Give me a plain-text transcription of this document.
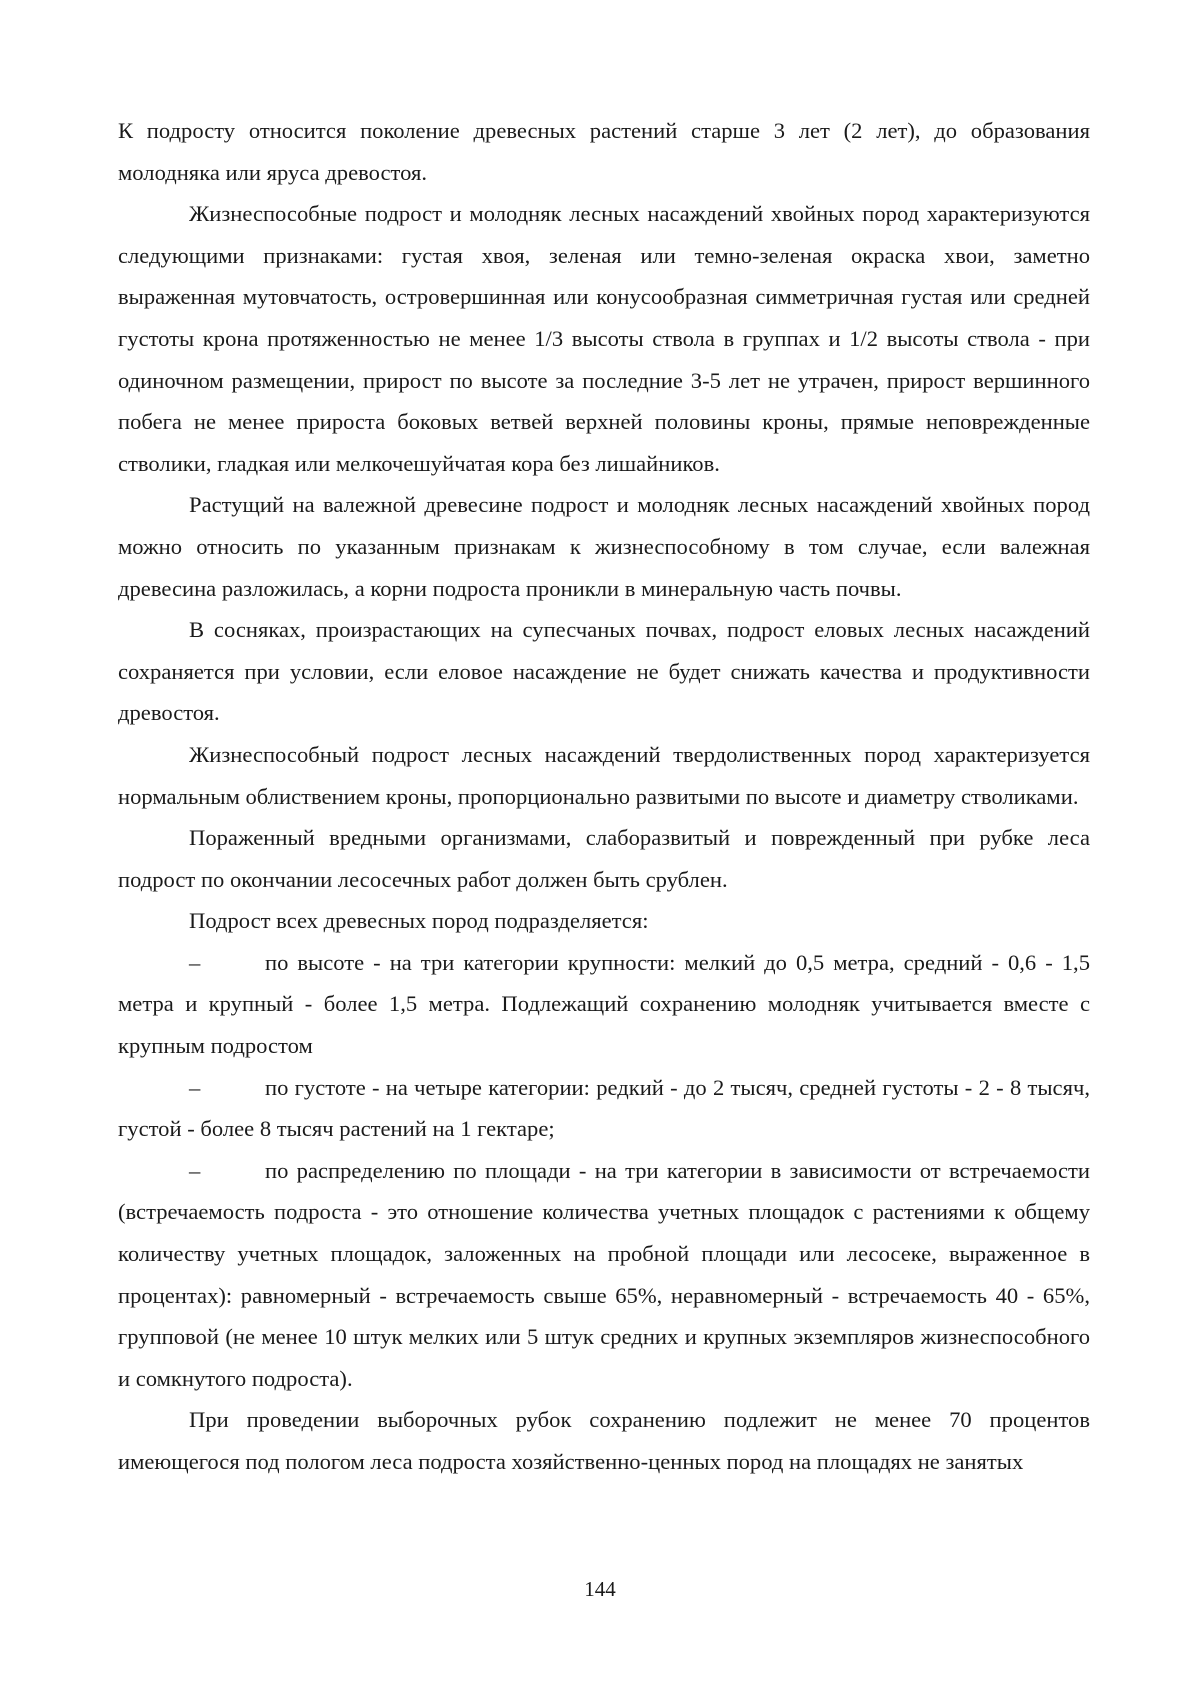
К подросту относится поколение древесных растений старше 3 лет (2 лет), до образования молодняка или яруса древостоя.

Жизнеспособные подрост и молодняк лесных насаждений хвойных пород характеризуются следующими признаками: густая хвоя, зеленая или темно-зеленая окраска хвои, заметно выраженная мутовчатость, островершинная или конусообразная симметричная густая или средней густоты крона протяженностью не менее 1/3 высоты ствола в группах и 1/2 высоты ствола - при одиночном размещении, прирост по высоте за последние 3-5 лет не утрачен, прирост вершинного побега не менее прироста боковых ветвей верхней половины кроны, прямые неповрежденные стволики, гладкая или мелкочешуйчатая кора без лишайников.

Растущий на валежной древесине подрост и молодняк лесных насаждений хвойных пород можно относить по указанным признакам к жизнеспособному в том случае, если валежная древесина разложилась, а корни подроста проникли в минеральную часть почвы.

В сосняках, произрастающих на супесчаных почвах, подрост еловых лесных насаждений сохраняется при условии, если еловое насаждение не будет снижать качества и продуктивности древостоя.

Жизнеспособный подрост лесных насаждений твердолиственных пород характеризуется нормальным облиствением кроны, пропорционально развитыми по высоте и диаметру стволиками.

Пораженный вредными организмами, слаборазвитый и поврежденный при рубке леса подрост по окончании лесосечных работ должен быть срублен.

Подрост всех древесных пород подразделяется:

–	по высоте - на три категории крупности: мелкий до 0,5 метра, средний - 0,6 - 1,5 метра и крупный - более 1,5 метра. Подлежащий сохранению молодняк учитывается вместе с крупным подростом

–	по густоте - на четыре категории: редкий - до 2 тысяч, средней густоты - 2 - 8 тысяч, густой - более 8 тысяч растений на 1 гектаре;

–	по распределению по площади - на три категории в зависимости от встречаемости (встречаемость подроста - это отношение количества учетных площадок с растениями к общему количеству учетных площадок, заложенных на пробной площади или лесосеке, выраженное в процентах): равномерный - встречаемость свыше 65%, неравномерный - встречаемость 40 - 65%, групповой (не менее 10 штук мелких или 5 штук средних и крупных экземпляров жизнеспособного и сомкнутого подроста).

При проведении выборочных рубок сохранению подлежит не менее 70 процентов имеющегося под пологом леса подроста хозяйственно-ценных пород на площадях не занятых

144
